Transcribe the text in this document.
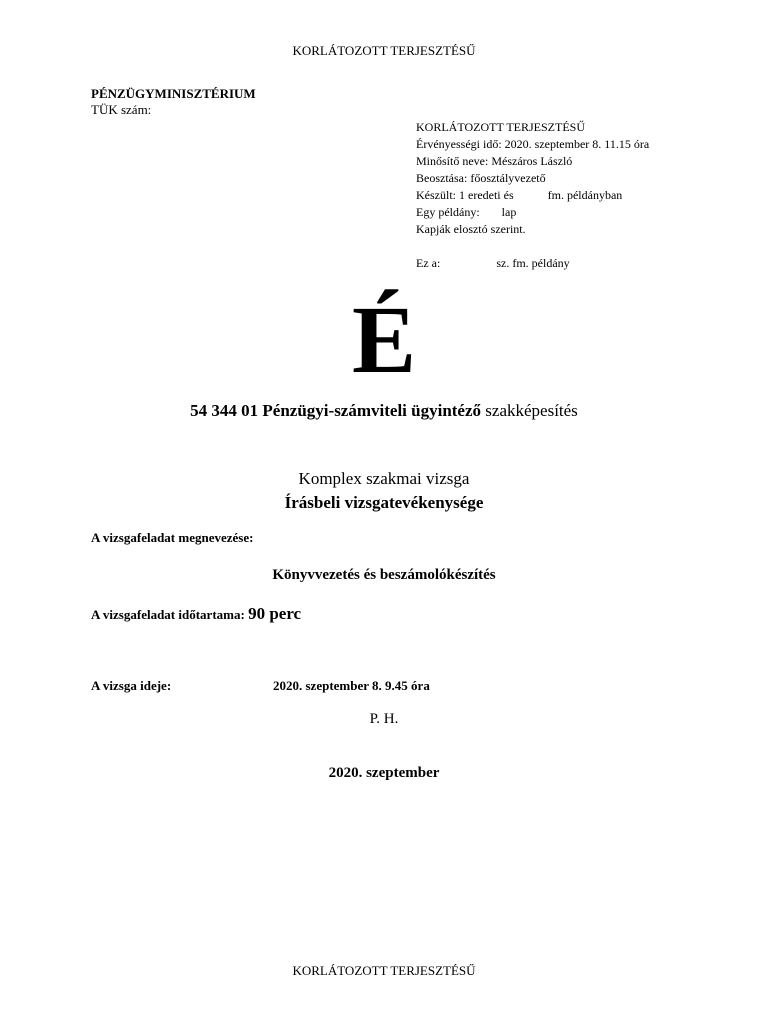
KORLÁTOZOTT TERJESZTÉSŰ
PÉNZÜGYMINISZTÉRIUM
TÜK szám:
KORLÁTOZOTT TERJESZTÉSŰ
Érvényességi idő: 2020. szeptember 8. 11.15 óra
Minősítő neve: Mészáros László
Beosztása: főosztályvezető
Készült: 1 eredeti és	fm. példányban
Egy példány: lap
Kapják elosztó szerint.
Ez a:	sz. fm. példány
É
54 344 01 Pénzügyi-számviteli ügyintéző szakképesítés
Komplex szakmai vizsga
Írásbeli vizsgatevékenysége
A vizsgafeladat megnevezése:
Könyvvezetés és beszámolókészítés
A vizsgafeladat időtartama: 90 perc
A vizsga ideje:	2020. szeptember 8. 9.45 óra
P. H.
2020. szeptember
KORLÁTOZOTT TERJESZTÉSŰ
